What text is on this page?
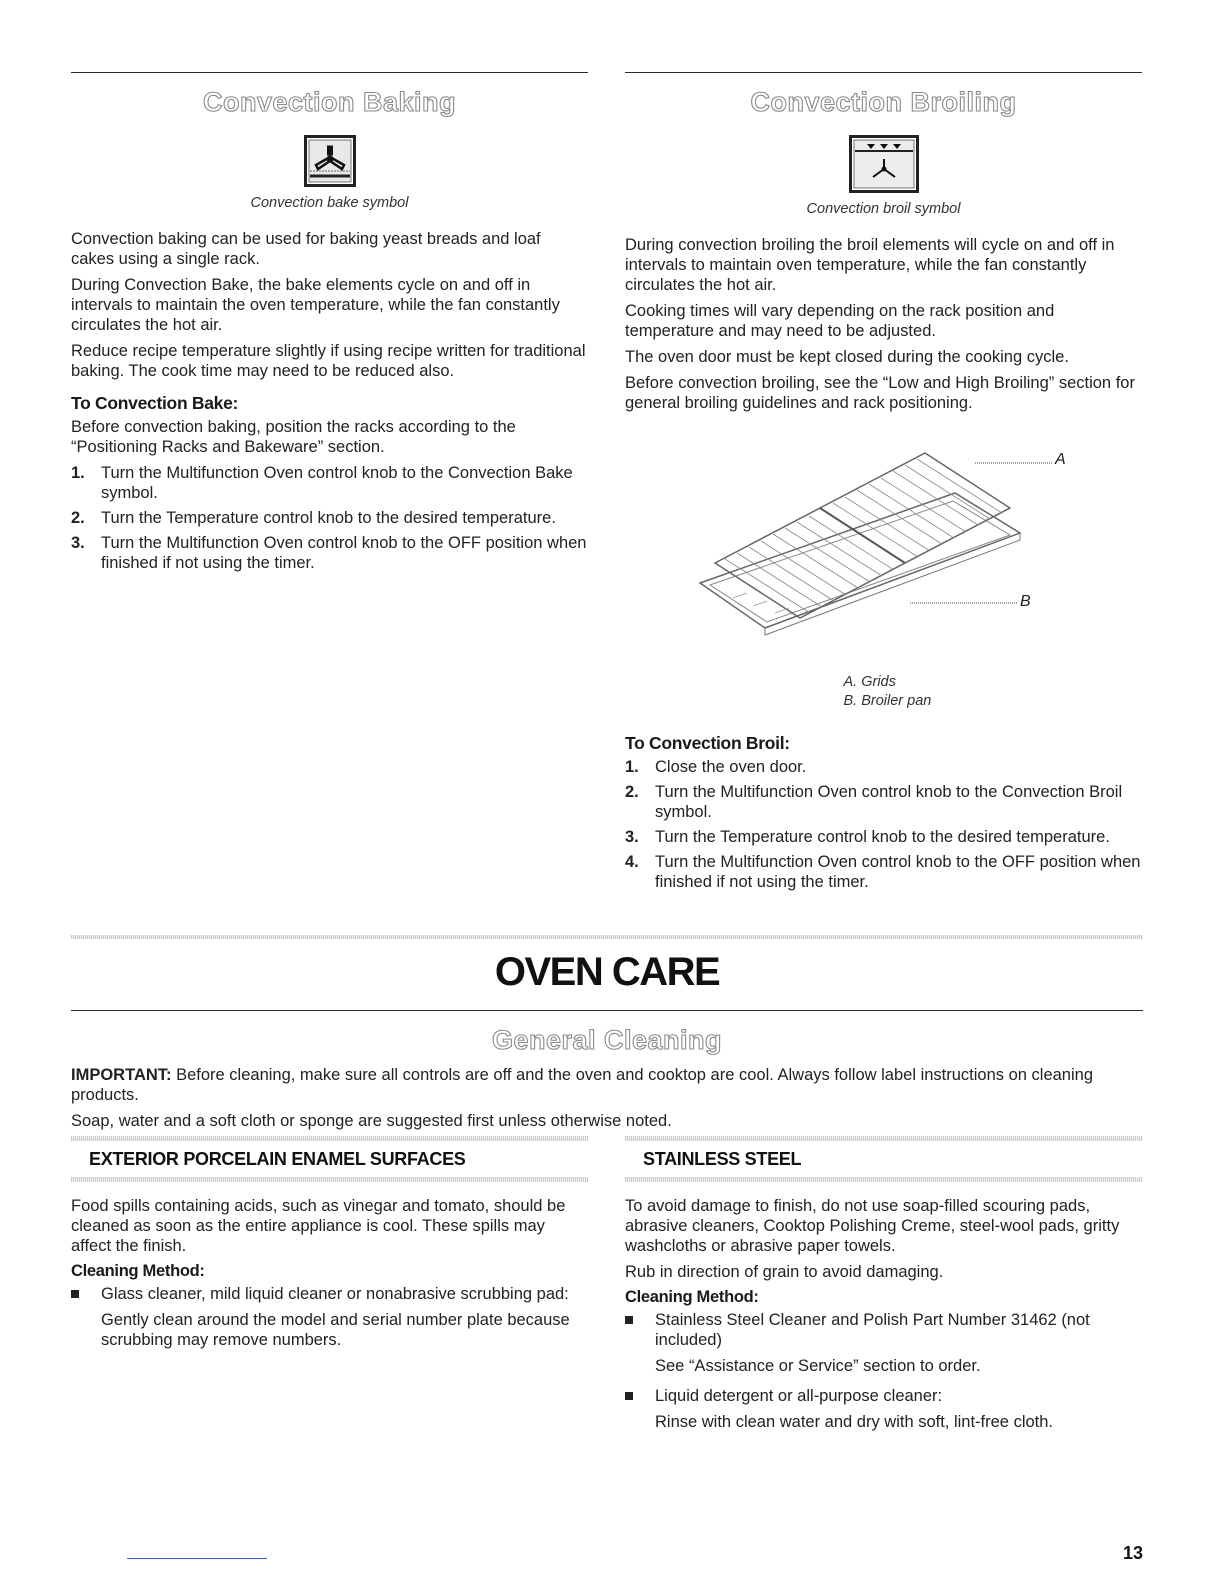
Convection Baking
Convection bake symbol

Convection baking can be used for baking yeast breads and loaf cakes using a single rack.

During Convection Bake, the bake elements cycle on and off in intervals to maintain the oven temperature, while the fan constantly circulates the hot air.

Reduce recipe temperature slightly if using recipe written for traditional baking. The cook time may need to be reduced also.

To Convection Bake:

Before convection baking, position the racks according to the “Positioning Racks and Bakeware” section.

1. Turn the Multifunction Oven control knob to the Convection Bake symbol.
2. Turn the Temperature control knob to the desired temperature.
3. Turn the Multifunction Oven control knob to the OFF position when finished if not using the timer.
Convection Broiling
Convection broil symbol

During convection broiling the broil elements will cycle on and off in intervals to maintain oven temperature, while the fan constantly circulates the hot air.

Cooking times will vary depending on the rack position and temperature and may need to be adjusted.

The oven door must be kept closed during the cooking cycle.

Before convection broiling, see the “Low and High Broiling” section for general broiling guidelines and rack positioning.

A
B
A. Grids
B. Broiler pan
To Convection Broil:
1. Close the oven door.
2. Turn the Multifunction Oven control knob to the Convection Broil symbol.
3. Turn the Temperature control knob to the desired temperature.
4. Turn the Multifunction Oven control knob to the OFF position when finished if not using the timer.
OVEN CARE
General Cleaning

IMPORTANT: Before cleaning, make sure all controls are off and the oven and cooktop are cool. Always follow label instructions on cleaning products.

Soap, water and a soft cloth or sponge are suggested first unless otherwise noted.

EXTERIOR PORCELAIN ENAMEL SURFACES

Food spills containing acids, such as vinegar and tomato, should be cleaned as soon as the entire appliance is cool. These spills may affect the finish.

Cleaning Method:
Glass cleaner, mild liquid cleaner or nonabrasive scrubbing pad:

Gently clean around the model and serial number plate because scrubbing may remove numbers.

STAINLESS STEEL

To avoid damage to finish, do not use soap-filled scouring pads, abrasive cleaners, Cooktop Polishing Creme, steel-wool pads, gritty washcloths or abrasive paper towels.

Rub in direction of grain to avoid damaging.

Cleaning Method:
Stainless Steel Cleaner and Polish Part Number 31462 (not included)

See “Assistance or Service” section to order.

Liquid detergent or all-purpose cleaner:

Rinse with clean water and dry with soft, lint-free cloth.

13
